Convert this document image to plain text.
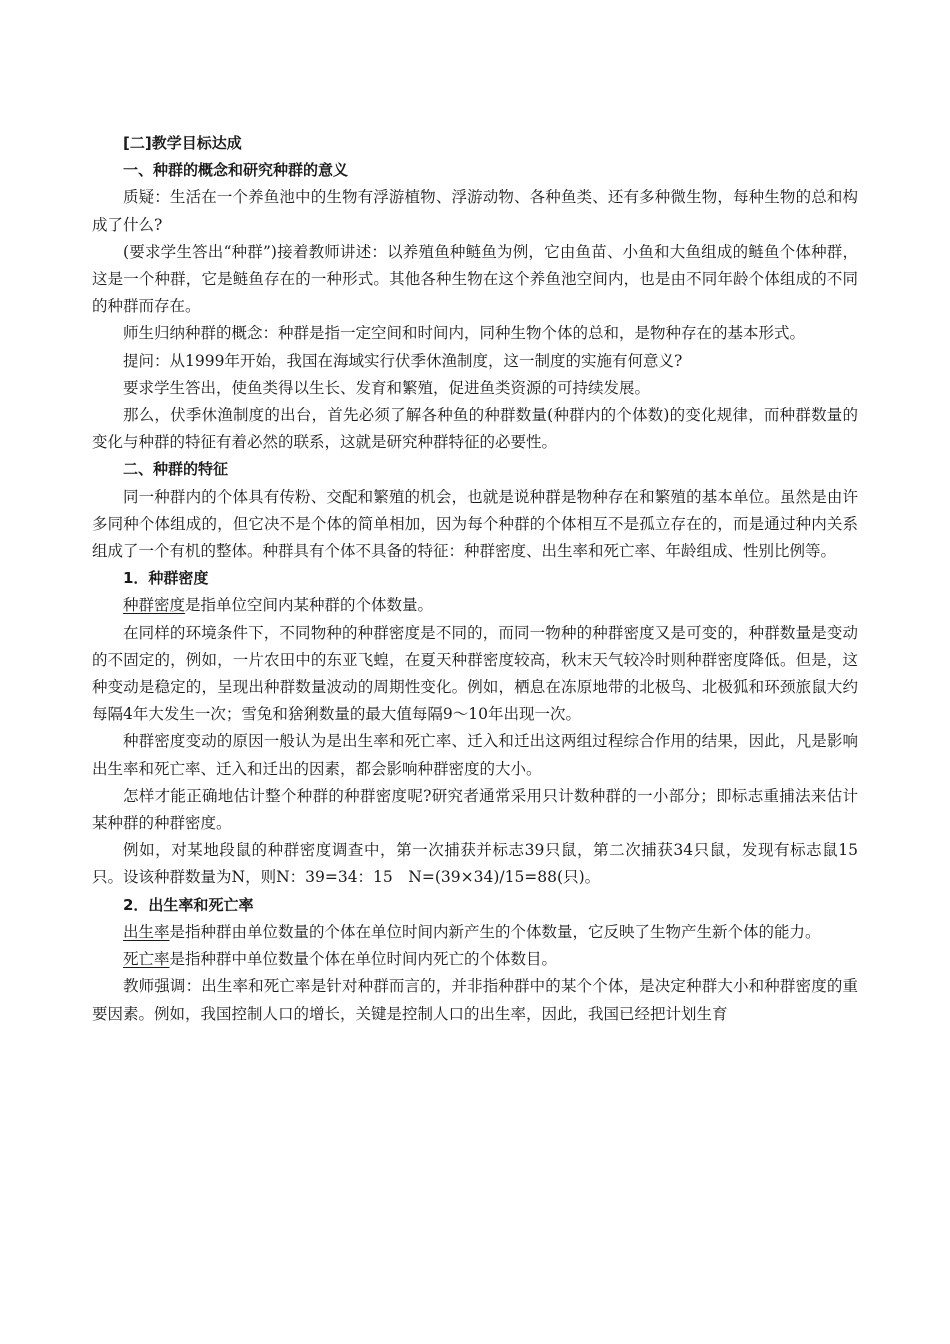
[二]教学目标达成

一、种群的概念和研究种群的意义

质疑：生活在一个养鱼池中的生物有浮游植物、浮游动物、各种鱼类、还有多种微生物，每种生物的总和构成了什么?

(要求学生答出“种群”)接着教师讲述：以养殖鱼种鲢鱼为例，它由鱼苗、小鱼和大鱼组成的鲢鱼个体种群，这是一个种群，它是鲢鱼存在的一种形式。其他各种生物在这个养鱼池空间内，也是由不同年龄个体组成的不同的种群而存在。

师生归纳种群的概念：种群是指一定空间和时间内，同种生物个体的总和，是物种存在的基本形式。

提问：从1999年开始，我国在海域实行伏季休渔制度，这一制度的实施有何意义?

要求学生答出，使鱼类得以生长、发育和繁殖，促进鱼类资源的可持续发展。

那么，伏季休渔制度的出台，首先必须了解各种鱼的种群数量(种群内的个体数)的变化规律，而种群数量的变化与种群的特征有着必然的联系，这就是研究种群特征的必要性。

二、种群的特征

同一种群内的个体具有传粉、交配和繁殖的机会，也就是说种群是物种存在和繁殖的基本单位。虽然是由许多同种个体组成的，但它决不是个体的简单相加，因为每个种群的个体相互不是孤立存在的，而是通过种内关系组成了一个有机的整体。种群具有个体不具备的特征：种群密度、出生率和死亡率、年龄组成、性别比例等。

1．种群密度

种群密度是指单位空间内某种群的个体数量。

在同样的环境条件下，不同物种的种群密度是不同的，而同一物种的种群密度又是可变的，种群数量是变动的不固定的，例如，一片农田中的东亚飞蝗，在夏天种群密度较高，秋末天气较冷时则种群密度降低。但是，这种变动是稳定的，呈现出种群数量波动的周期性变化。例如，栖息在冻原地带的北极鸟、北极狐和环颈旅鼠大约每隔4年大发生一次；雪兔和猞猁数量的最大值每隔9～10年出现一次。

种群密度变动的原因一般认为是出生率和死亡率、迁入和迁出这两组过程综合作用的结果，因此，凡是影响出生率和死亡率、迁入和迁出的因素，都会影响种群密度的大小。

怎样才能正确地估计整个种群的种群密度呢?研究者通常采用只计数种群的一小部分；即标志重捕法来估计某种群的种群密度。

例如，对某地段鼠的种群密度调查中，第一次捕获并标志39只鼠，第二次捕获34只鼠，发现有标志鼠15只。设该种群数量为N，则N：39=34：15　N=(39×34)/15=88(只)。

2．出生率和死亡率

出生率是指种群由单位数量的个体在单位时间内新产生的个体数量，它反映了生物产生新个体的能力。

死亡率是指种群中单位数量个体在单位时间内死亡的个体数目。

教师强调：出生率和死亡率是针对种群而言的，并非指种群中的某个个体，是决定种群大小和种群密度的重要因素。例如，我国控制人口的增长，关键是控制人口的出生率，因此，我国已经把计划生育
